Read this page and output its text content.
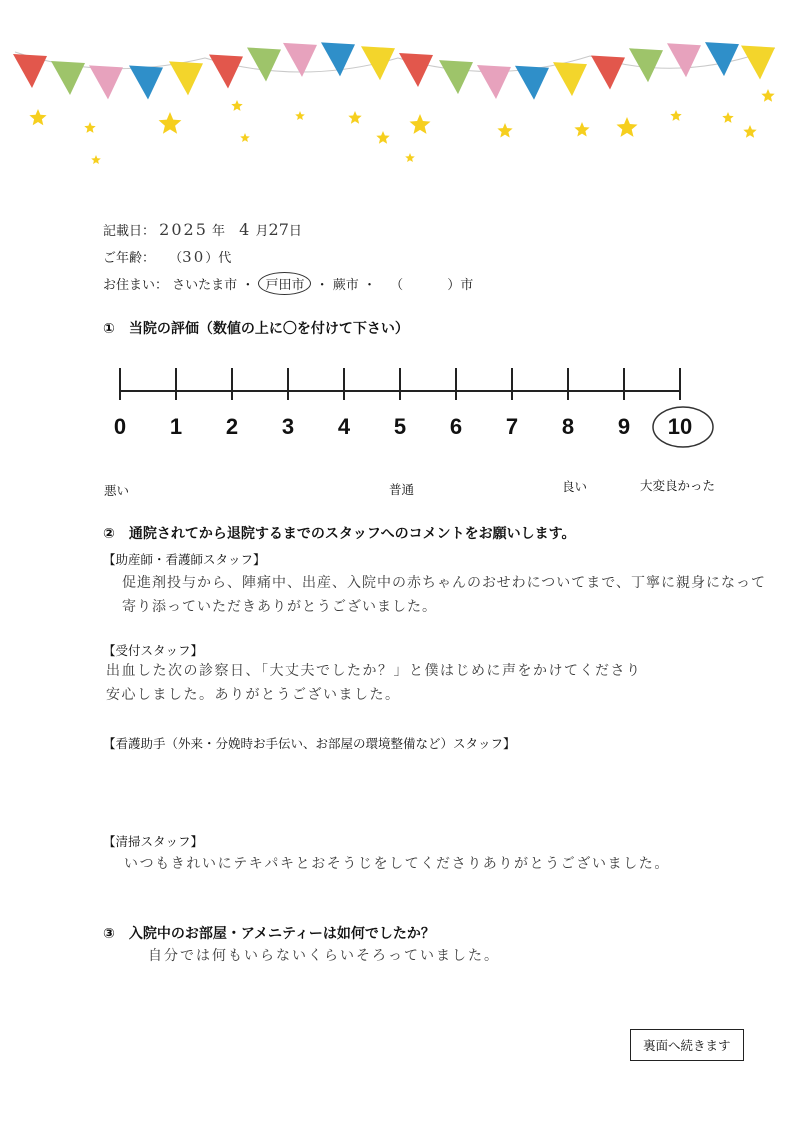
記載日： 2025 年 4 月27日
ご年齢： （30）代
お住まい： さいたま市 ・ 戸田市 ・ 蕨市 ・ （	）市
①　当院の評価（数値の上に〇を付けて下さい）
0 1 2 3 4 5 6 7 8 9 10
悪い	普通	良い	大変良かった
②　通院されてから退院するまでのスタッフへのコメントをお願いします。
【助産師・看護師スタッフ】
促進剤投与から、陣痛中、出産、入院中の赤ちゃんのおせわについてまで、丁寧に親身になって
寄り添っていただきありがとうございました。
【受付スタッフ】
出血した次の診察日、「大丈夫でしたか？」と僕はじめに声をかけてくださり
安心しました。ありがとうございました。
【看護助手（外来・分娩時お手伝い、お部屋の環境整備など）スタッフ】
【清掃スタッフ】
いつもきれいにテキパキとおそうじをしてくださりありがとうございました。
③　入院中のお部屋・アメニティーは如何でしたか？
自分では何もいらないくらいそろっていました。
裏面へ続きます
